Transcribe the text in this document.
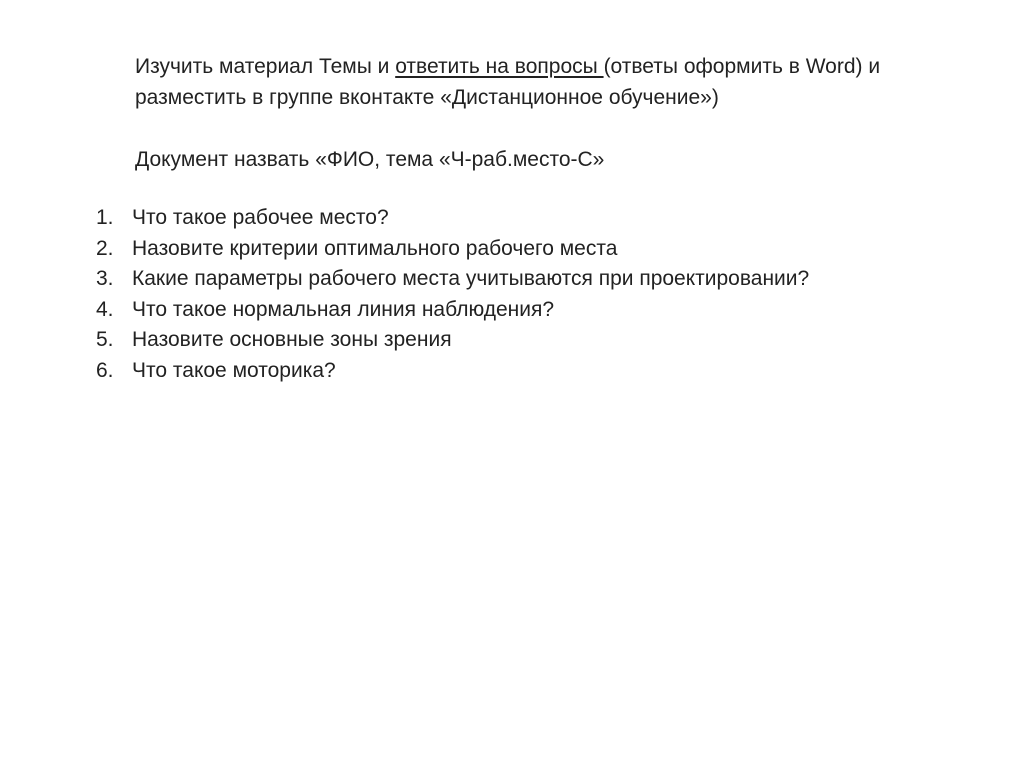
Изучить материал Темы и ответить на вопросы (ответы оформить в Word) и

разместить в группе вконтакте «Дистанционное обучение»)

Документ назвать «ФИО, тема «Ч-раб.место-С»

1. Что такое рабочее место?
2. Назовите критерии оптимального рабочего места
3. Какие параметры рабочего места учитываются при проектировании?
4. Что такое нормальная линия наблюдения?
5. Назовите основные зоны зрения
6. Что такое моторика?
